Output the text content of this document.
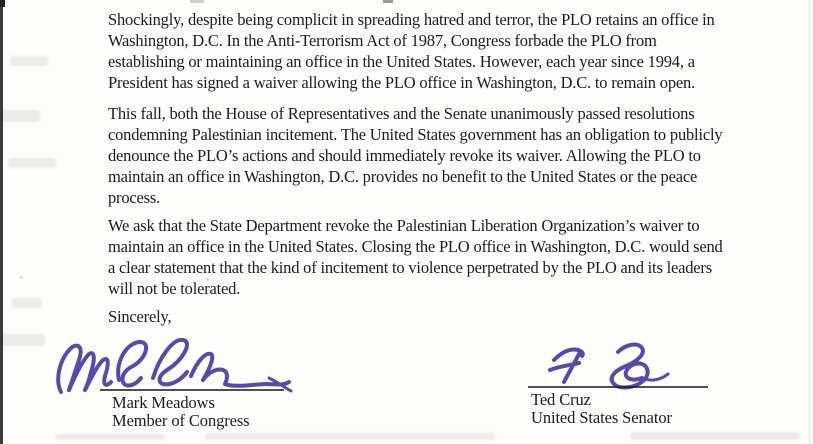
Shockingly, despite being complicit in spreading hatred and terror, the PLO retains an office in
Washington, D.C. In the Anti-Terrorism Act of 1987, Congress forbade the PLO from
establishing or maintaining an office in the United States. However, each year since 1994, a
President has signed a waiver allowing the PLO office in Washington, D.C. to remain open.
This fall, both the House of Representatives and the Senate unanimously passed resolutions
condemning Palestinian incitement. The United States government has an obligation to publicly
denounce the PLO’s actions and should immediately revoke its waiver. Allowing the PLO to
maintain an office in Washington, D.C. provides no benefit to the United States or the peace
process.
We ask that the State Department revoke the Palestinian Liberation Organization’s waiver to
maintain an office in the United States. Closing the PLO office in Washington, D.C. would send
a clear statement that the kind of incitement to violence perpetrated by the PLO and its leaders
will not be tolerated.
Sincerely,
Mark Meadows
Member of Congress
Ted Cruz
United States Senator
